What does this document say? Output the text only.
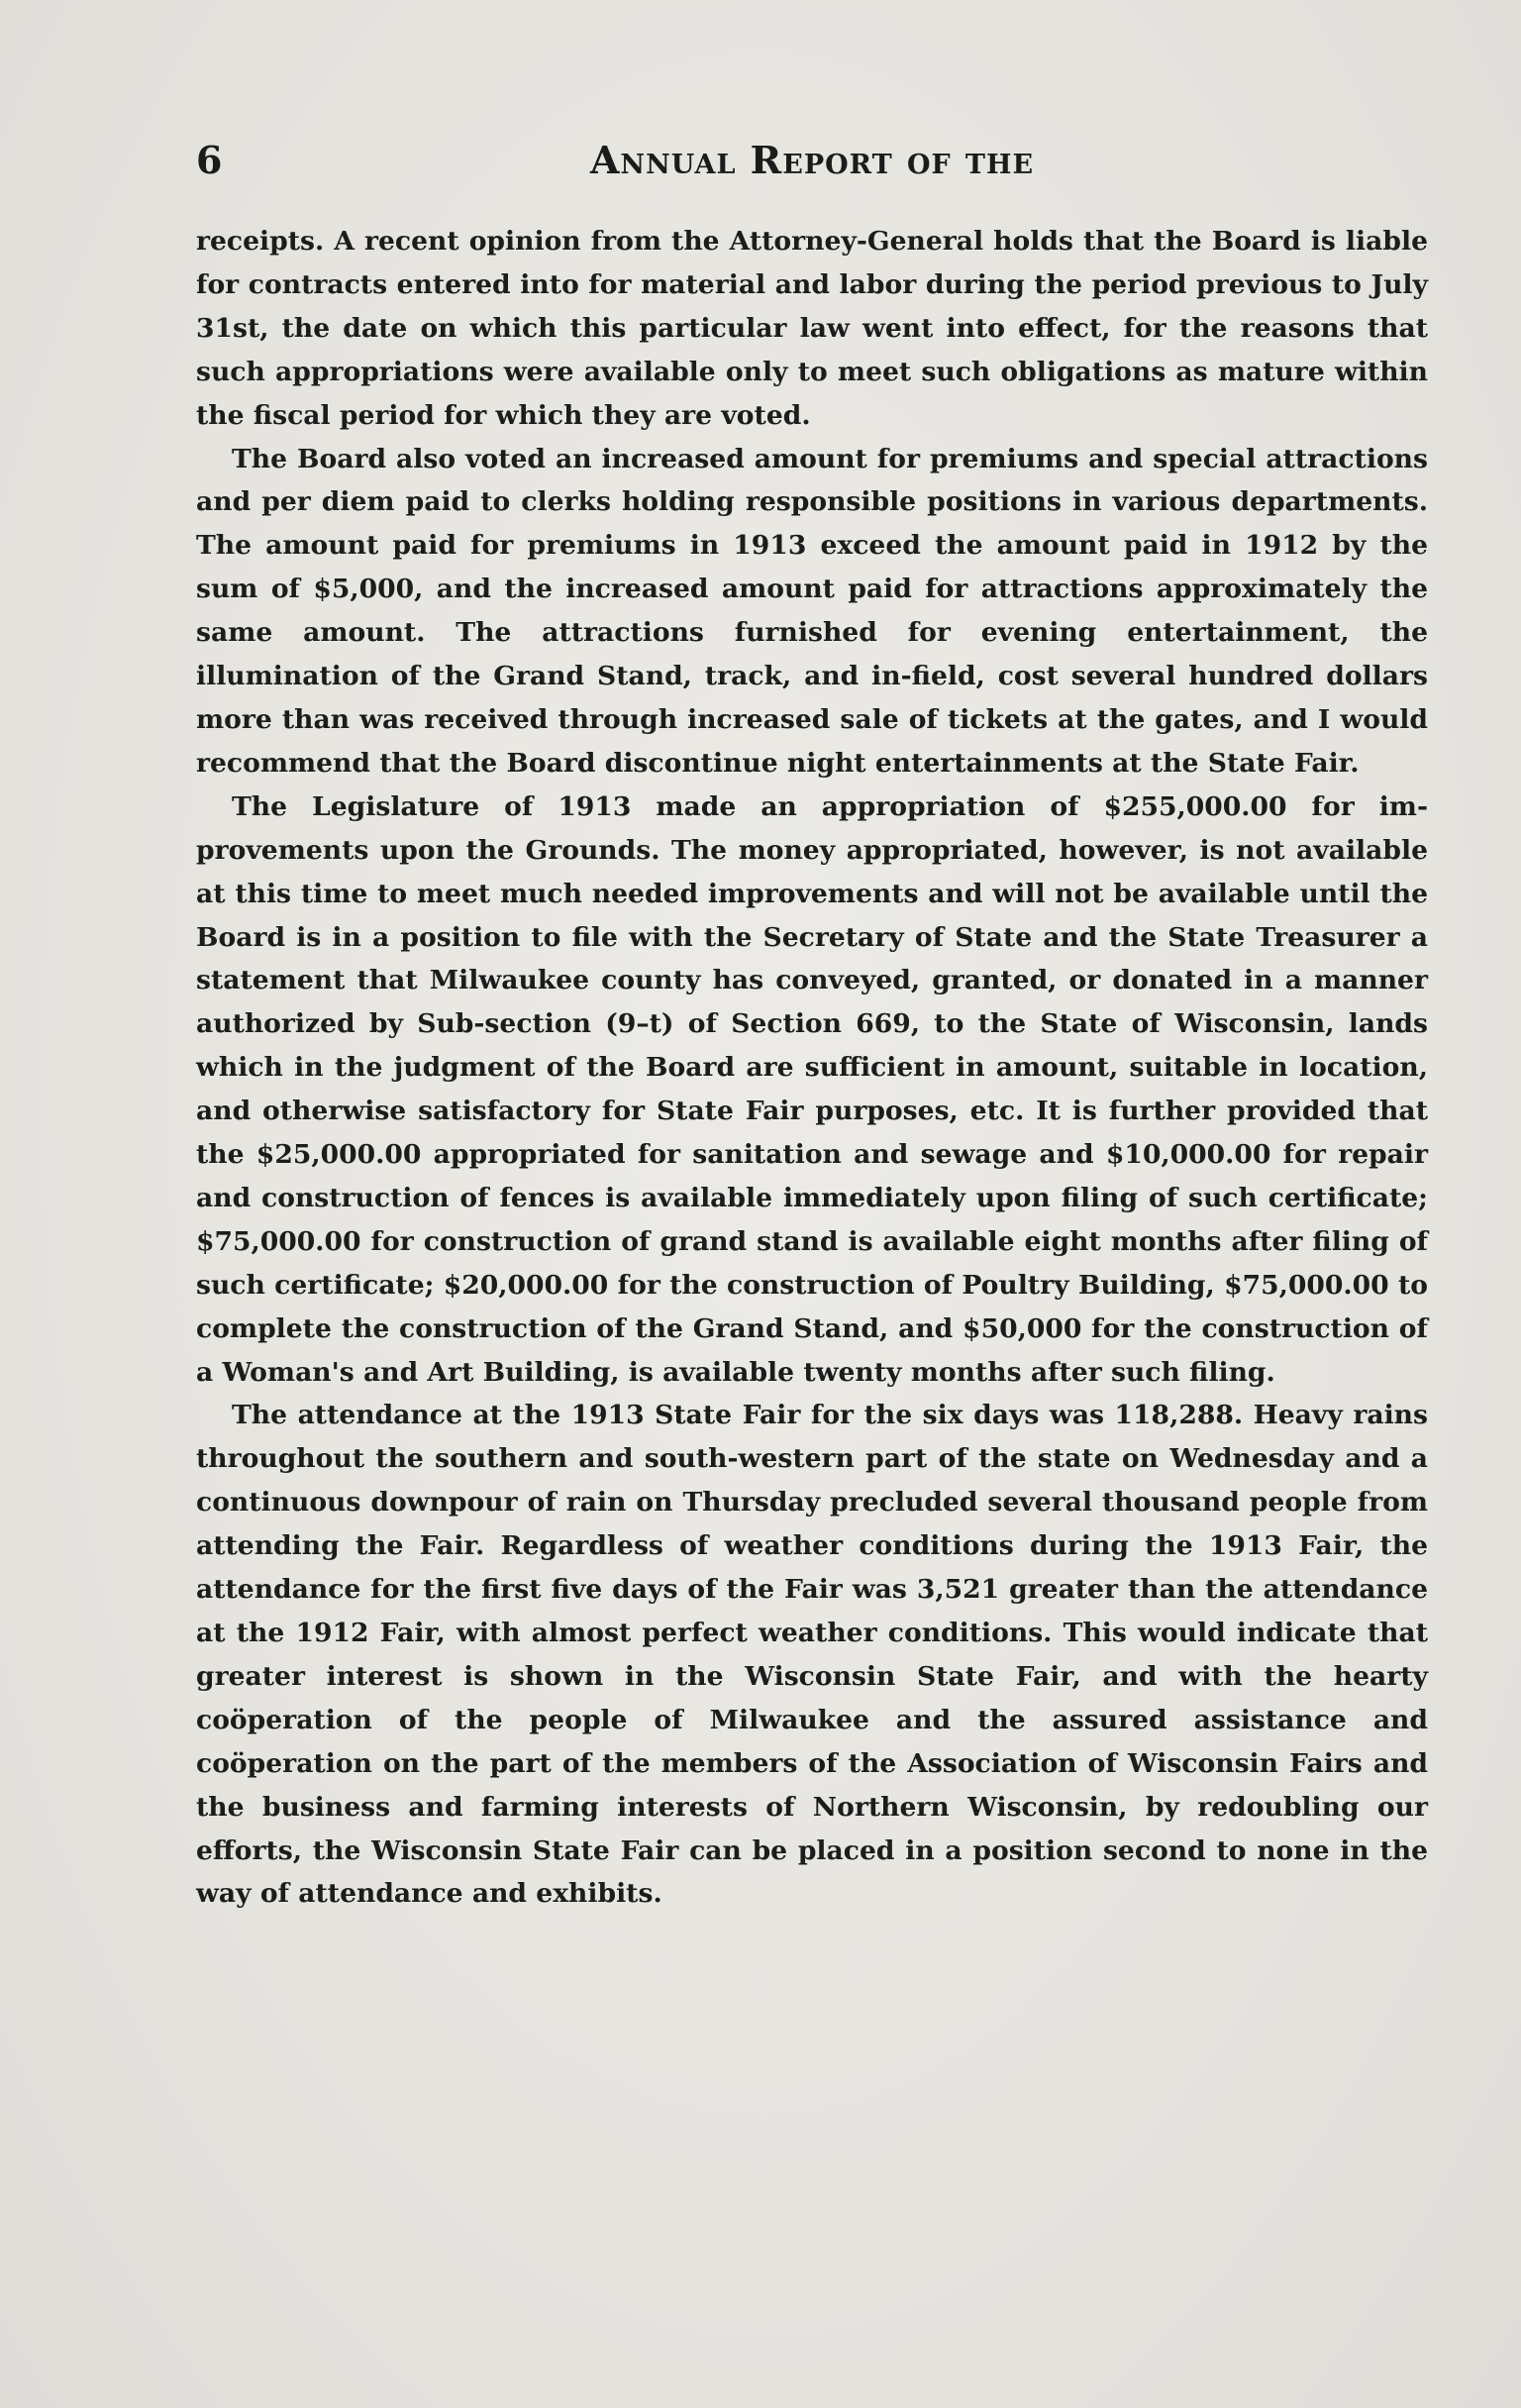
6	Annual Report of the

receipts. A recent opinion from the Attorney-General holds that the Board is liable for contracts entered into for material and labor during the period previous to July 31st, the date on which this particular law went into effect, for the reasons that such appropriations were available only to meet such obligations as mature within the fiscal period for which they are voted.

The Board also voted an increased amount for premiums and special attractions and per diem paid to clerks holding responsible positions in various departments. The amount paid for premiums in 1913 exceed the amount paid in 1912 by the sum of $5,000, and the increased amount paid for attractions approximately the same amount. The attractions furnished for evening entertainment, the illumination of the Grand Stand, track, and in-field, cost several hundred dollars more than was received through increased sale of tickets at the gates, and I would recommend that the Board discontinue night entertainments at the State Fair.

The Legislature of 1913 made an appropriation of $255,000.00 for improvements upon the Grounds. The money appropriated, however, is not available at this time to meet much needed improvements and will not be available until the Board is in a position to file with the Secretary of State and the State Treasurer a statement that Milwaukee county has conveyed, granted, or donated in a manner authorized by Sub-section (9–t) of Section 669, to the State of Wisconsin, lands which in the judgment of the Board are sufficient in amount, suitable in location, and otherwise satisfactory for State Fair purposes, etc. It is further provided that the $25,000.00 appropriated for sanitation and sewage and $10,000.00 for repair and construction of fences is available immediately upon filing of such certificate; $75,000.00 for construction of grand stand is available eight months after filing of such certificate; $20,000.00 for the construction of Poultry Building, $75,000.00 to complete the construction of the Grand Stand, and $50,000 for the construction of a Woman's and Art Building, is available twenty months after such filing.

The attendance at the 1913 State Fair for the six days was 118,288. Heavy rains throughout the southern and south-western part of the state on Wednesday and a continuous downpour of rain on Thursday precluded several thousand people from attending the Fair. Regardless of weather conditions during the 1913 Fair, the attendance for the first five days of the Fair was 3,521 greater than the attendance at the 1912 Fair, with almost perfect weather conditions. This would indicate that greater interest is shown in the Wisconsin State Fair, and with the hearty coöperation of the people of Milwaukee and the assured assistance and coöperation on the part of the members of the Association of Wisconsin Fairs and the business and farming interests of Northern Wisconsin, by redoubling our efforts, the Wisconsin State Fair can be placed in a position second to none in the way of attendance and exhibits.
